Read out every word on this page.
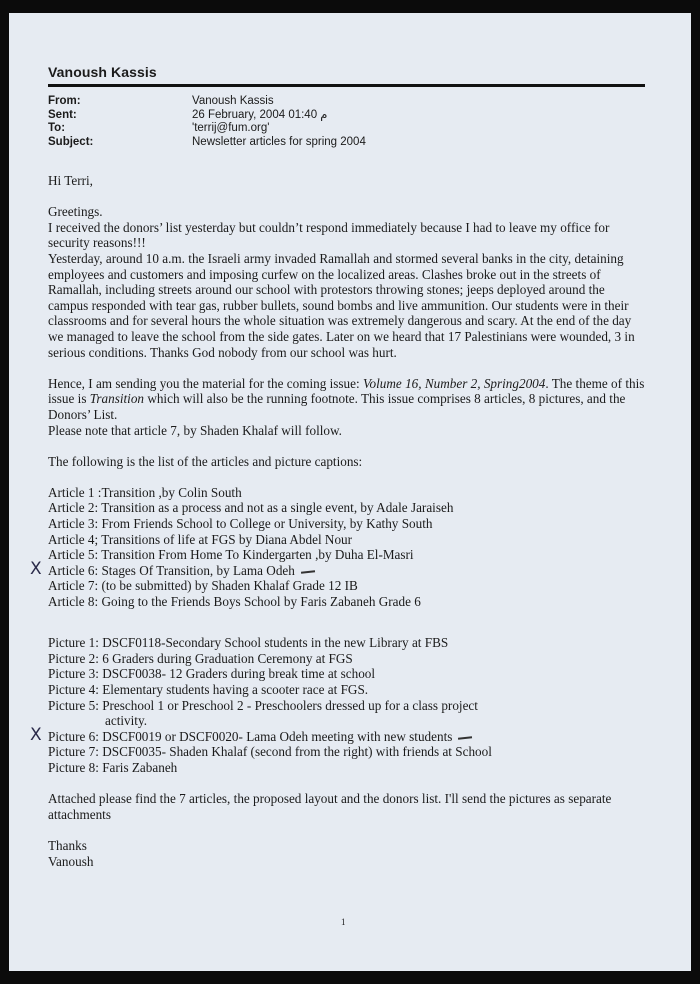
Vanoush Kassis
From:	Vanoush Kassis
Sent:	26 February, 2004 01:40 م
To:	'terrij@fum.org'
Subject:	Newsletter articles for spring 2004

Hi Terri,

Greetings.

I received the donors’ list yesterday but couldn’t respond immediately because I had to leave my office for security reasons!!!

Yesterday, around 10 a.m. the Israeli army invaded Ramallah and stormed several banks in the city, detaining employees and customers and imposing curfew on the localized areas. Clashes broke out in the streets of Ramallah, including streets around our school with protestors throwing stones; jeeps deployed around the campus responded with tear gas, rubber bullets, sound bombs and live ammunition. Our students were in their classrooms and for several hours the whole situation was extremely dangerous and scary. At the end of the day we managed to leave the school from the side gates. Later on we heard that 17 Palestinians were wounded, 3 in serious conditions. Thanks God nobody from our school was hurt.

Hence, I am sending you the material for the coming issue: Volume 16, Number 2, Spring2004. The theme of this issue is Transition which will also be the running footnote. This issue comprises 8 articles, 8 pictures, and the Donors’ List.

Please note that article 7, by Shaden Khalaf will follow.

The following is the list of the articles and picture captions:

Article 1 :Transition ,by Colin South
Article 2: Transition as a process and not as a single event, by Adale Jaraiseh
Article 3: From Friends School to College or University, by Kathy South
Article 4; Transitions of life at FGS by Diana Abdel Nour
Article 5: Transition From Home To Kindergarten ,by Duha El-Masri
X Article 6: Stages Of Transition, by Lama Odeh
Article 7: (to be submitted) by Shaden Khalaf Grade 12 IB
Article 8: Going to the Friends Boys School by Faris Zabaneh Grade 6
Picture 1: DSCF0118-Secondary School students in the new Library at FBS
Picture 2: 6 Graders during Graduation Ceremony at FGS
Picture 3: DSCF0038- 12 Graders during break time at school
Picture 4: Elementary students having a scooter race at FGS.
Picture 5: Preschool 1 or Preschool 2 - Preschoolers dressed up for a class project
activity.
X Picture 6: DSCF0019 or DSCF0020- Lama Odeh meeting with new students
Picture 7: DSCF0035- Shaden Khalaf (second from the right) with friends at School
Picture 8: Faris Zabaneh

Attached please find the 7 articles, the proposed layout and the donors list. I'll send the pictures as separate attachments

Thanks

Vanoush

1
